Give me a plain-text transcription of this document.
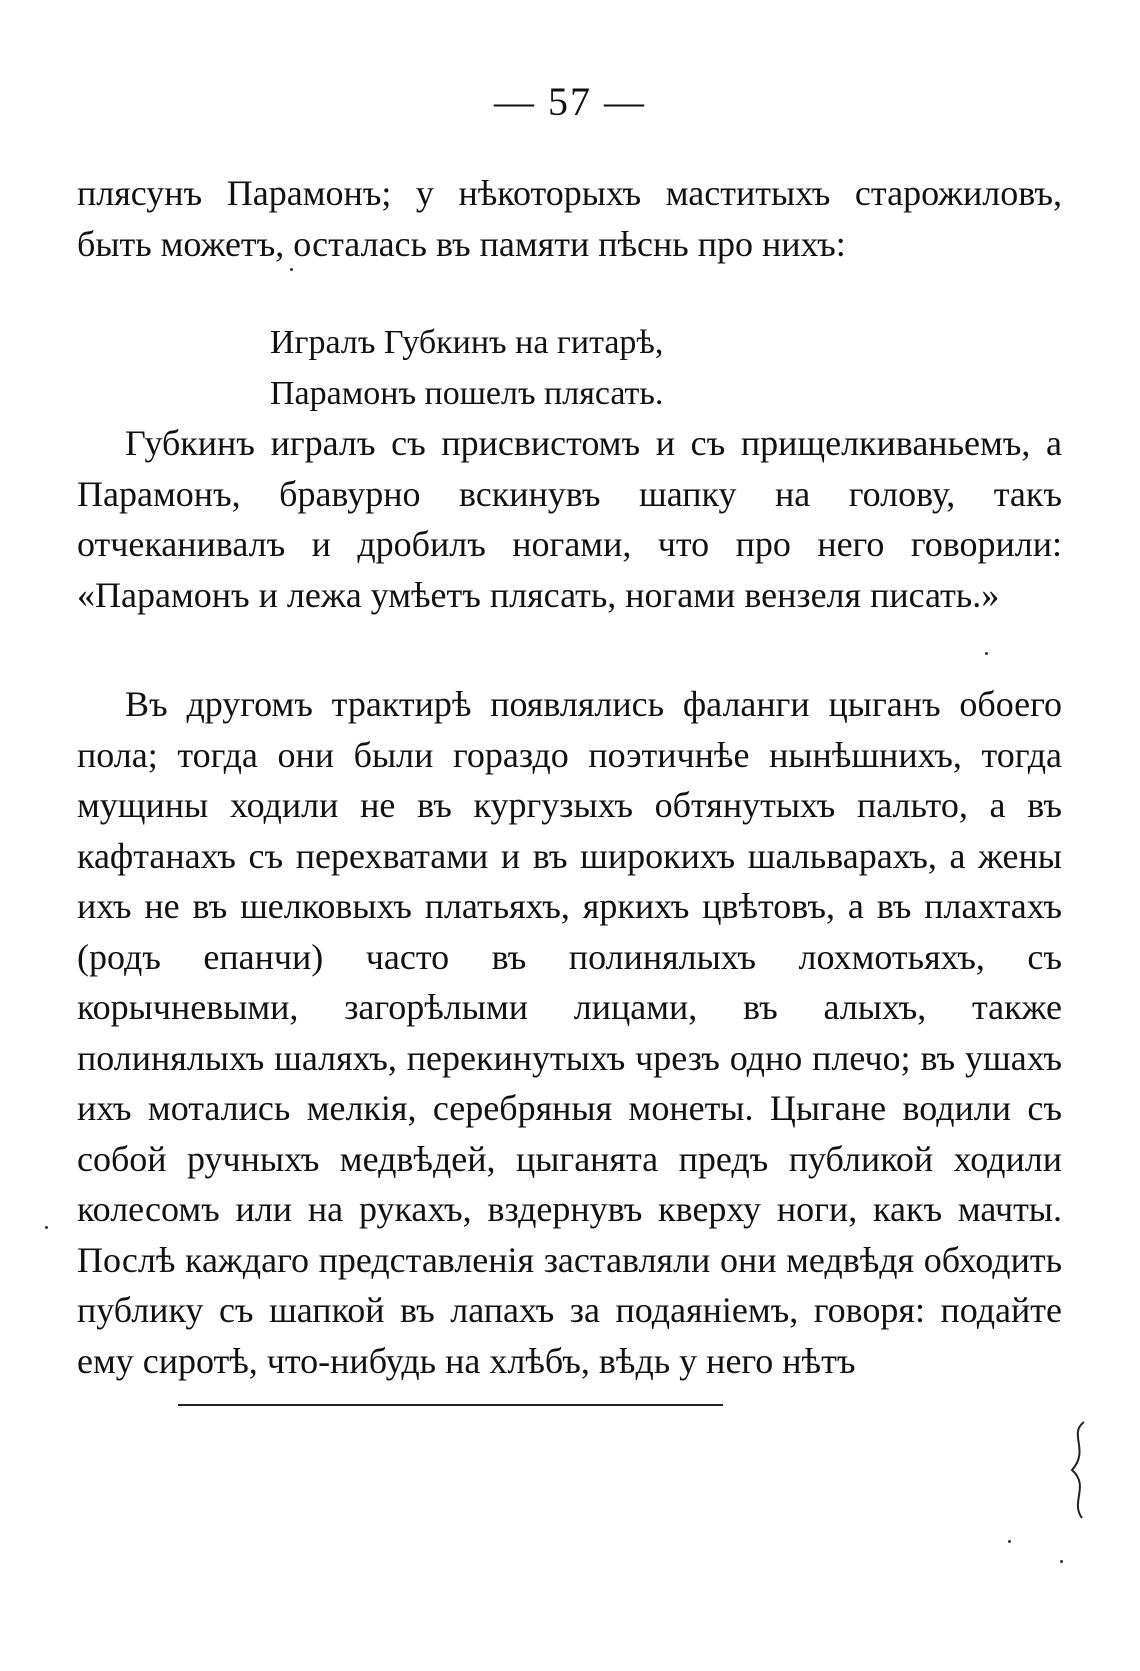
— 57 —

плясунъ Парамонъ; у нѣкоторыхъ маститыхъ старожиловъ, быть можетъ, осталась въ памяти пѣснь про нихъ:

Игралъ Губкинъ на гитарѣ,
Парамонъ пошелъ плясать.

Губкинъ игралъ съ присвистомъ и съ прищелкиваньемъ, а Парамонъ, бравурно вскинувъ шапку на голову, такъ отчеканивалъ и дробилъ ногами, что про него говорили: «Парамонъ и лежа умѣетъ плясать, ногами вензеля писать.»

Въ другомъ трактирѣ появлялись фаланги цыганъ обоего пола; тогда они были гораздо поэтичнѣе нынѣшнихъ, тогда мущины ходили не въ кургузыхъ обтянутыхъ пальто, а въ кафтанахъ съ перехватами и въ широкихъ шальварахъ, а жены ихъ не въ шелковыхъ платьяхъ, яркихъ цвѣтовъ, а въ плахтахъ (родъ епанчи) часто въ полинялыхъ лохмотьяхъ, съ корычневыми, загорѣлыми лицами, въ алыхъ, также полинялыхъ шаляхъ, перекинутыхъ чрезъ одно плечо; въ ушахъ ихъ мотались мелкія, серебряныя монеты. Цыгане водили съ собой ручныхъ медвѣдей, цыганята предъ публикой ходили колесомъ или на рукахъ, вздернувъ кверху ноги, какъ мачты. Послѣ каждаго представленія заставляли они медвѣдя обходить публику съ шапкой въ лапахъ за подаяніемъ, говоря: подайте ему сиротѣ, что-нибудь на хлѣбъ, вѣдь у него нѣтъ
